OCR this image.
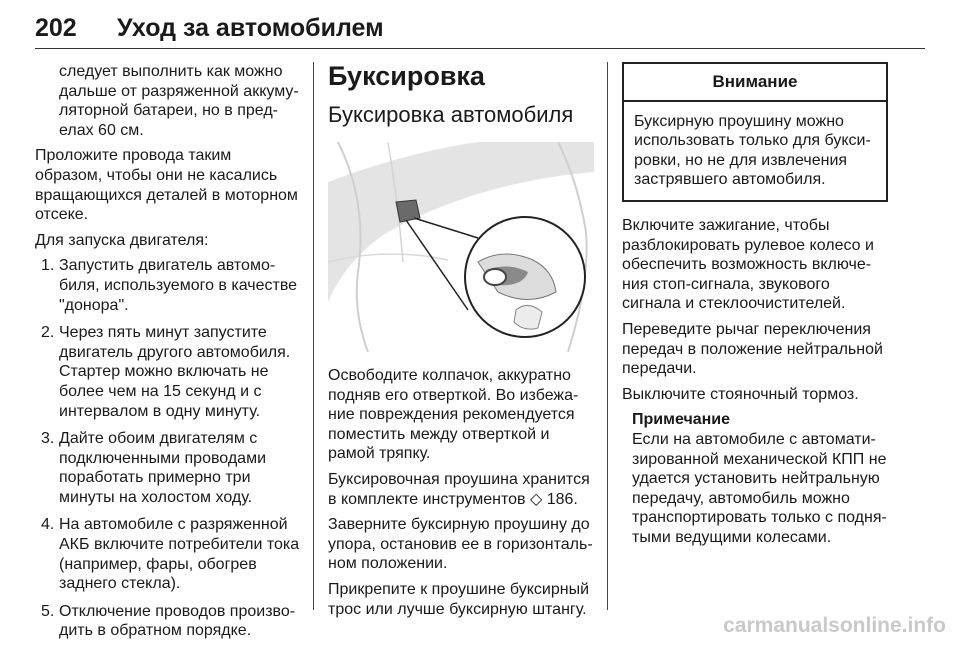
202 Уход за автомобилем

следует выполнить как можно дальше от разряженной аккуму-ляторной батареи, но в пред-елах 60 см.

Проложите провода таким образом, чтобы они не касались вращающихся деталей в моторном отсеке.

Для запуска двигателя:

1. Запустить двигатель автомо-биля, используемого в качестве "донора".
2. Через пять минут запустите двигатель другого автомобиля. Стартер можно включать не более чем на 15 секунд и с интервалом в одну минуту.
3. Дайте обоим двигателям с подключенными проводами поработать примерно три минуты на холостом ходу.
4. На автомобиле с разряженной АКБ включите потребители тока (например, фары, обогрев заднего стекла).
5. Отключение проводов произво-дить в обратном порядке.
Буксировка
Буксировка автомобиля

Освободите колпачок, аккуратно подняв его отверткой. Во избежа-ние повреждения рекомендуется поместить между отверткой и рамой тряпку.

Буксировочная проушина хранится в комплекте инструментов ◇ 186.

Заверните буксирную проушину до упора, остановив ее в горизонталь-ном положении.

Прикрепите к проушине буксирный трос или лучше буксирную штангу.

Внимание
Буксирную проушину можно использовать только для букси-ровки, но не для извлечения застрявшего автомобиля.

Включите зажигание, чтобы разблокировать рулевое колесо и обеспечить возможность включе-ния стоп-сигнала, звукового сигнала и стеклоочистителей.

Переведите рычаг переключения передач в положение нейтральной передачи.

Выключите стояночный тормоз.

Примечание
Если на автомобиле с автомати-зированной механической КПП не удается установить нейтральную передачу, автомобиль можно транспортировать только с подня-тыми ведущими колесами.
carmanualsonline.info
